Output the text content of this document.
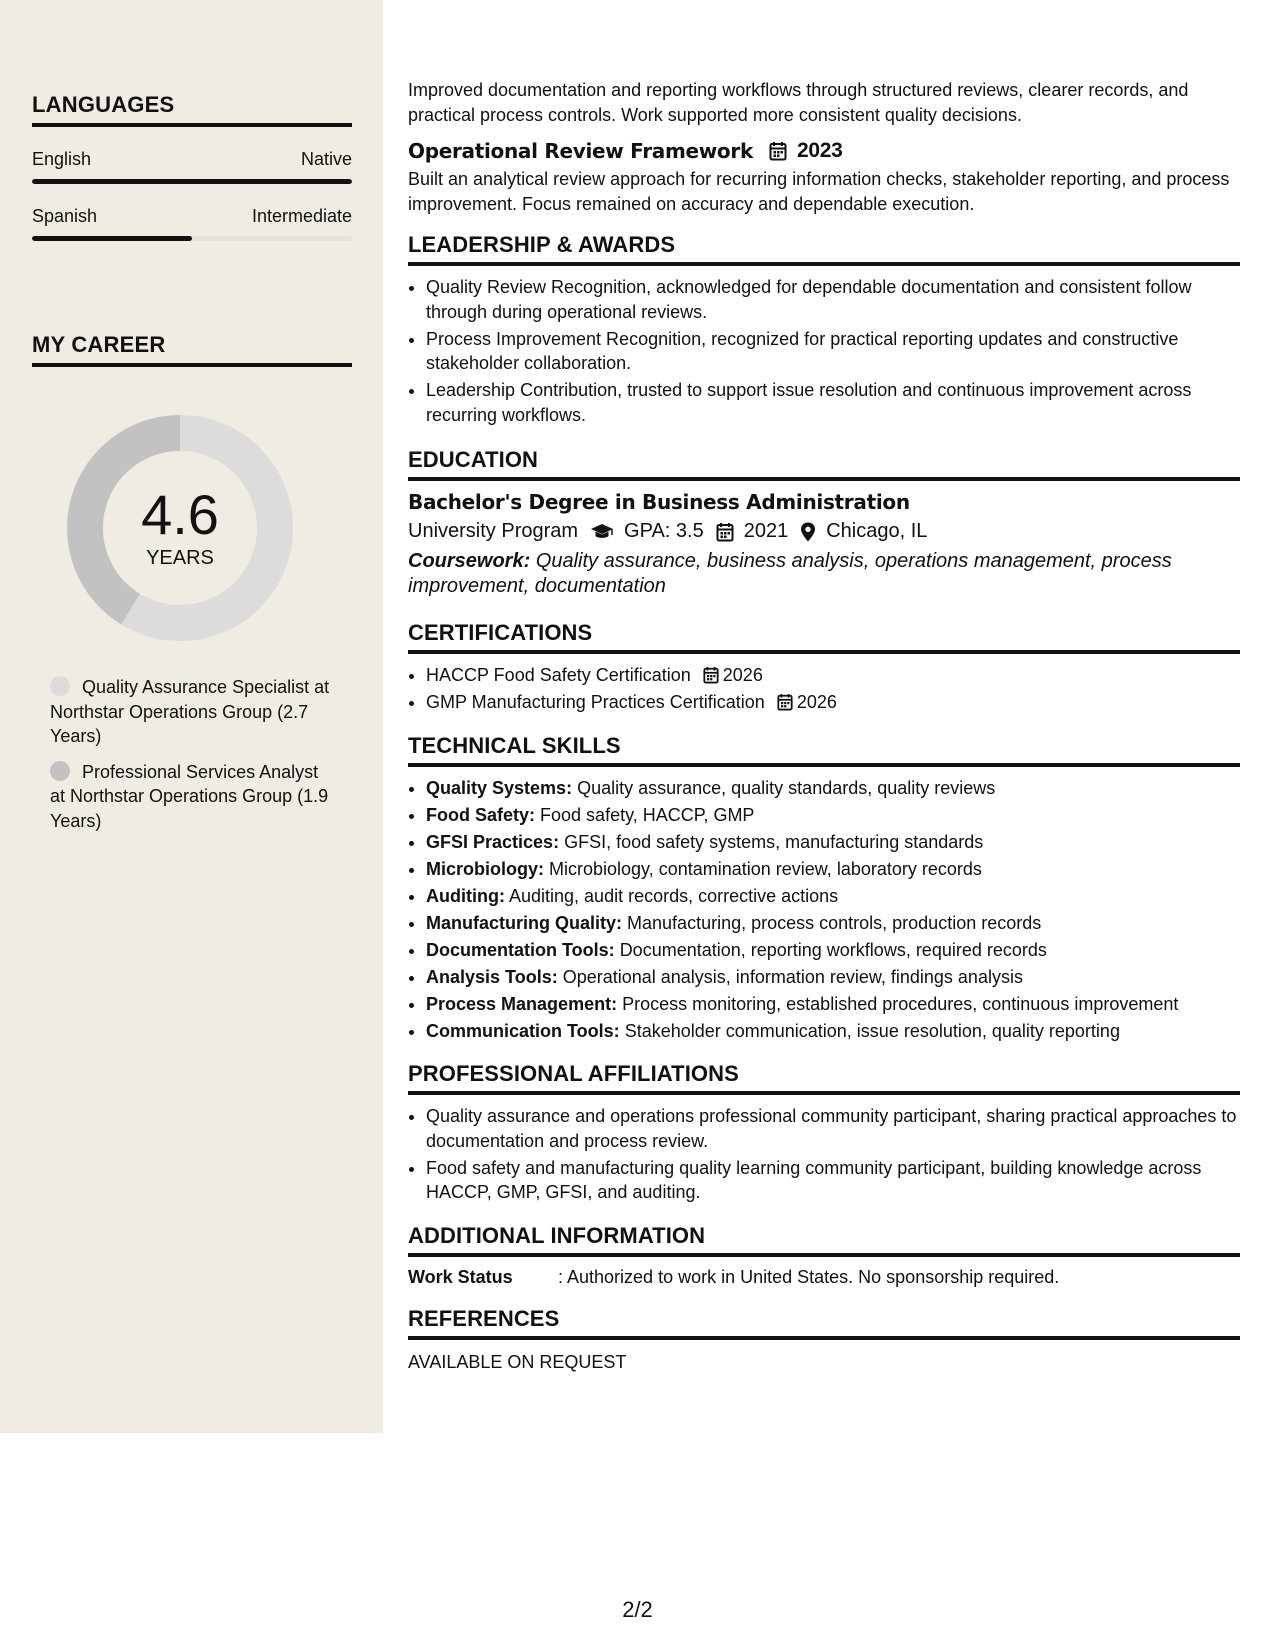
LANGUAGES
English	Native
Spanish	Intermediate
MY CAREER
4.6
YEARS
Quality Assurance Specialist at Northstar Operations Group (2.7 Years)
Professional Services Analyst at Northstar Operations Group (1.9 Years)

Improved documentation and reporting workflows through structured reviews, clearer records, and practical process controls. Work supported more consistent quality decisions.

Operational Review Framework 2023

Built an analytical review approach for recurring information checks, stakeholder reporting, and process improvement. Focus remained on accuracy and dependable execution.

LEADERSHIP & AWARDS
• Quality Review Recognition, acknowledged for dependable documentation and consistent follow through during operational reviews.
• Process Improvement Recognition, recognized for practical reporting updates and constructive stakeholder collaboration.
• Leadership Contribution, trusted to support issue resolution and continuous improvement across recurring workflows.
EDUCATION
Bachelor's Degree in Business Administration
University Program GPA: 3.5 2021 Chicago, IL

Coursework: Quality assurance, business analysis, operations management, process improvement, documentation

CERTIFICATIONS
• HACCP Food Safety Certification 2026
• GMP Manufacturing Practices Certification 2026
TECHNICAL SKILLS
• Quality Systems: Quality assurance, quality standards, quality reviews
• Food Safety: Food safety, HACCP, GMP
• GFSI Practices: GFSI, food safety systems, manufacturing standards
• Microbiology: Microbiology, contamination review, laboratory records
• Auditing: Auditing, audit records, corrective actions
• Manufacturing Quality: Manufacturing, process controls, production records
• Documentation Tools: Documentation, reporting workflows, required records
• Analysis Tools: Operational analysis, information review, findings analysis
• Process Management: Process monitoring, established procedures, continuous improvement
• Communication Tools: Stakeholder communication, issue resolution, quality reporting
PROFESSIONAL AFFILIATIONS
• Quality assurance and operations professional community participant, sharing practical approaches to documentation and process review.
• Food safety and manufacturing quality learning community participant, building knowledge across HACCP, GMP, GFSI, and auditing.
ADDITIONAL INFORMATION
Work Status	: Authorized to work in United States. No sponsorship required.
REFERENCES
AVAILABLE ON REQUEST
2/2
